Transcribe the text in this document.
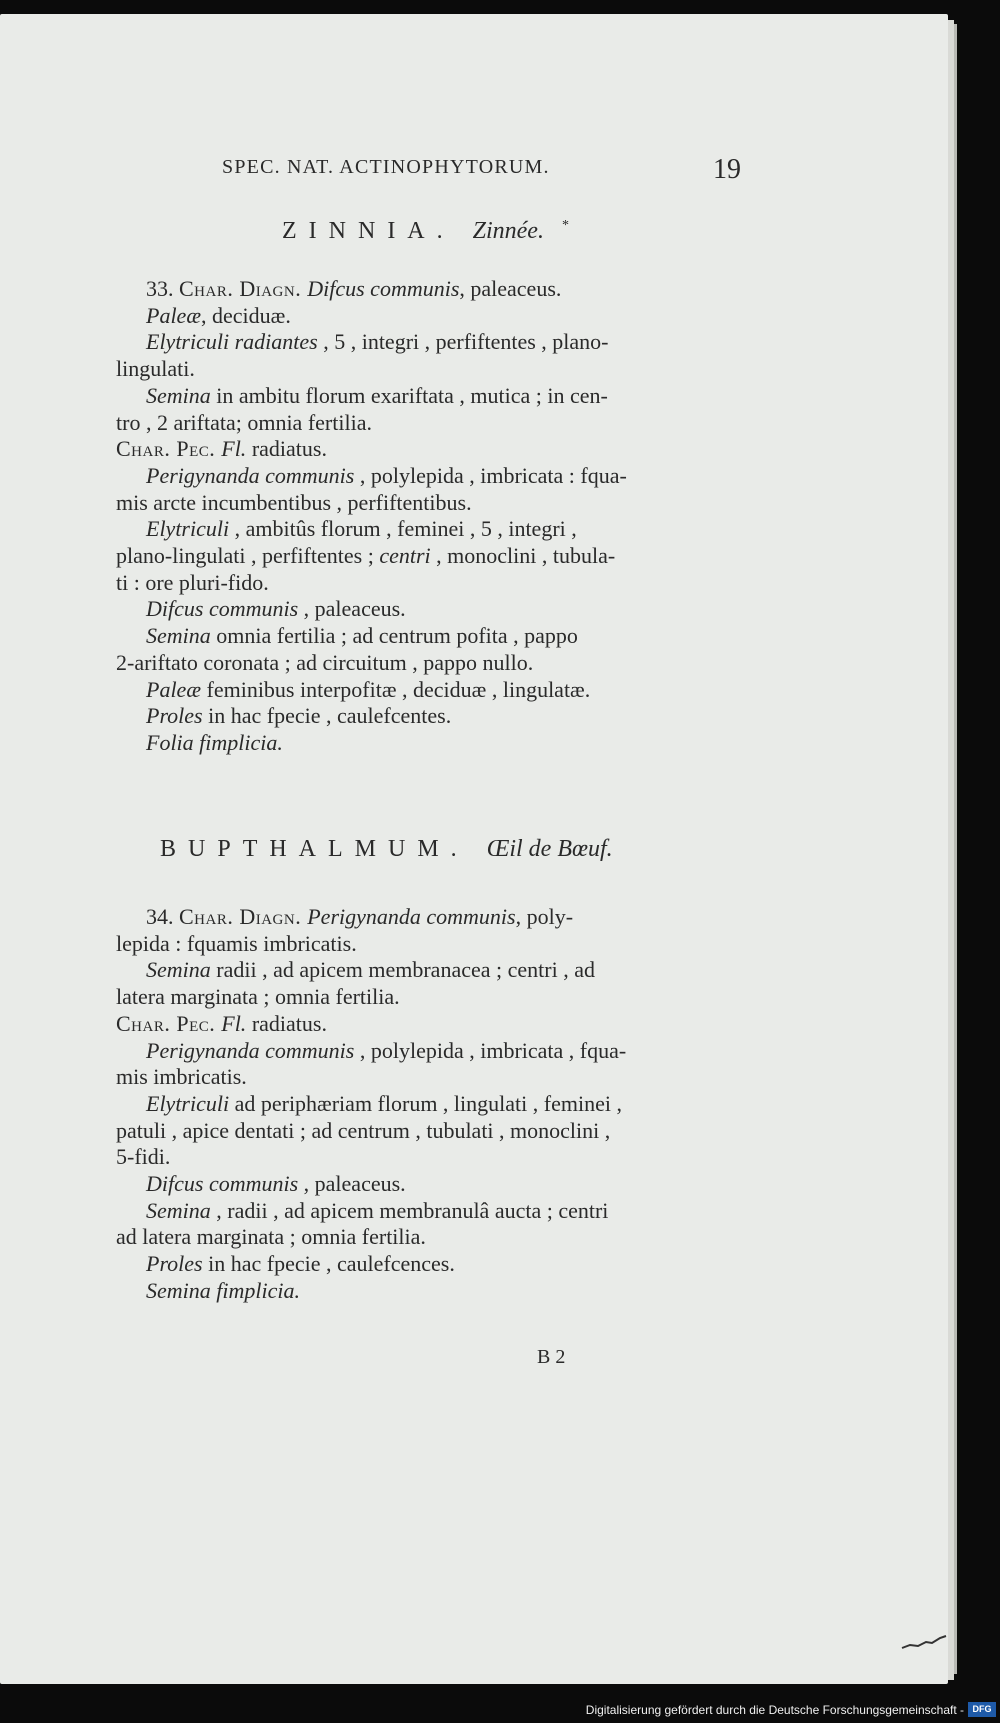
SPEC. NAT. ACTINOPHYTORUM.	19
ZINNIA. Zinnée. *
33. Char. Diagn. Difcus communis, paleaceus.
Paleæ, deciduæ.
Elytriculi radiantes , 5 , integri , perfiftentes , plano-
lingulati.
Semina in ambitu florum exariftata , mutica ; in cen-
tro , 2 ariftata; omnia fertilia.
Char. Pec. Fl. radiatus.
Perigynanda communis , polylepida , imbricata : fqua-
mis arcte incumbentibus , perfiftentibus.
Elytriculi , ambitûs florum , feminei , 5 , integri ,
plano-lingulati , perfiftentes ; centri , monoclini , tubula-
ti : ore pluri-fido.
Difcus communis , paleaceus.
Semina omnia fertilia ; ad centrum pofita , pappo
2-ariftato coronata ; ad circuitum , pappo nullo.
Paleæ feminibus interpofitæ , deciduæ , lingulatæ.
Proles in hac fpecie , caulefcentes.
Folia fimplicia.
BUPTHALMUM. Œil de Bœuf.
34. Char. Diagn. Perigynanda communis, poly-
lepida : fquamis imbricatis.
Semina radii , ad apicem membranacea ; centri , ad
latera marginata ; omnia fertilia.
Char. Pec. Fl. radiatus.
Perigynanda communis , polylepida , imbricata , fqua-
mis imbricatis.
Elytriculi ad periphæriam florum , lingulati , feminei ,
patuli , apice dentati ; ad centrum , tubulati , monoclini ,
5-fidi.
Difcus communis , paleaceus.
Semina , radii , ad apicem membranulâ aucta ; centri
ad latera marginata ; omnia fertilia.
Proles in hac fpecie , caulefcences.
Semina fimplicia.
B 2
Digitalisierung gefördert durch die Deutsche Forschungsgemeinschaft - DFG
